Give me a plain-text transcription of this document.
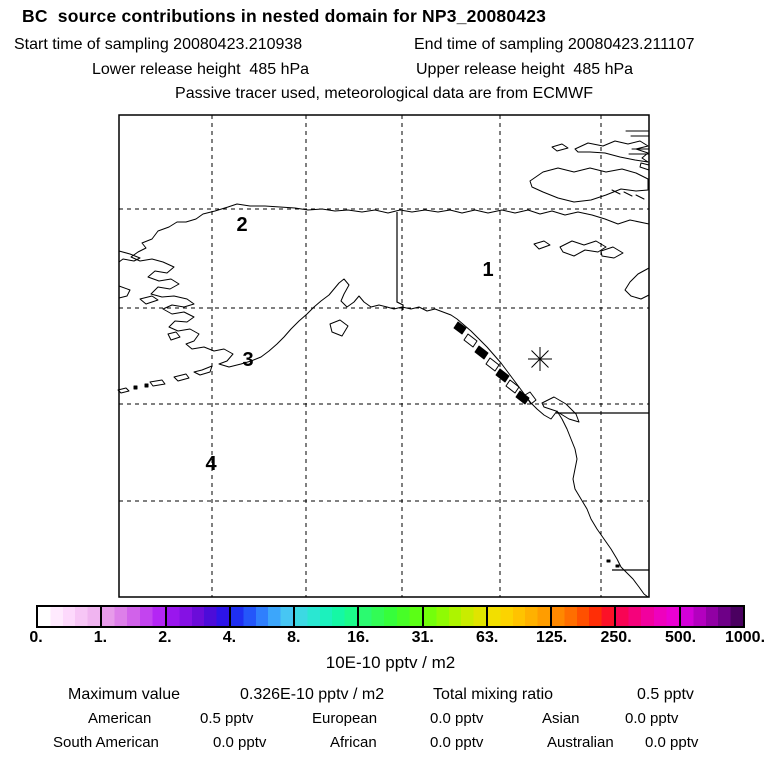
BC  source contributions in nested domain for NP3_20080423
Start time of sampling 20080423.210938	End time of sampling 20080423.211107
Lower release height  485 hPa	Upper release height  485 hPa
Passive tracer used, meteorological data are from ECMWF
1
2
3
4
0.	1.	2.	4.	8.	16.	31.	63.	125.	250.	500.	1000.
10E-10 pptv / m2
Maximum value	0.326E-10 pptv / m2	Total mixing ratio	0.5 pptv
American	0.5 pptv	European	0.0 pptv	Asian	0.0 pptv
South American	0.0 pptv	African	0.0 pptv	Australian 0.0 pptv
